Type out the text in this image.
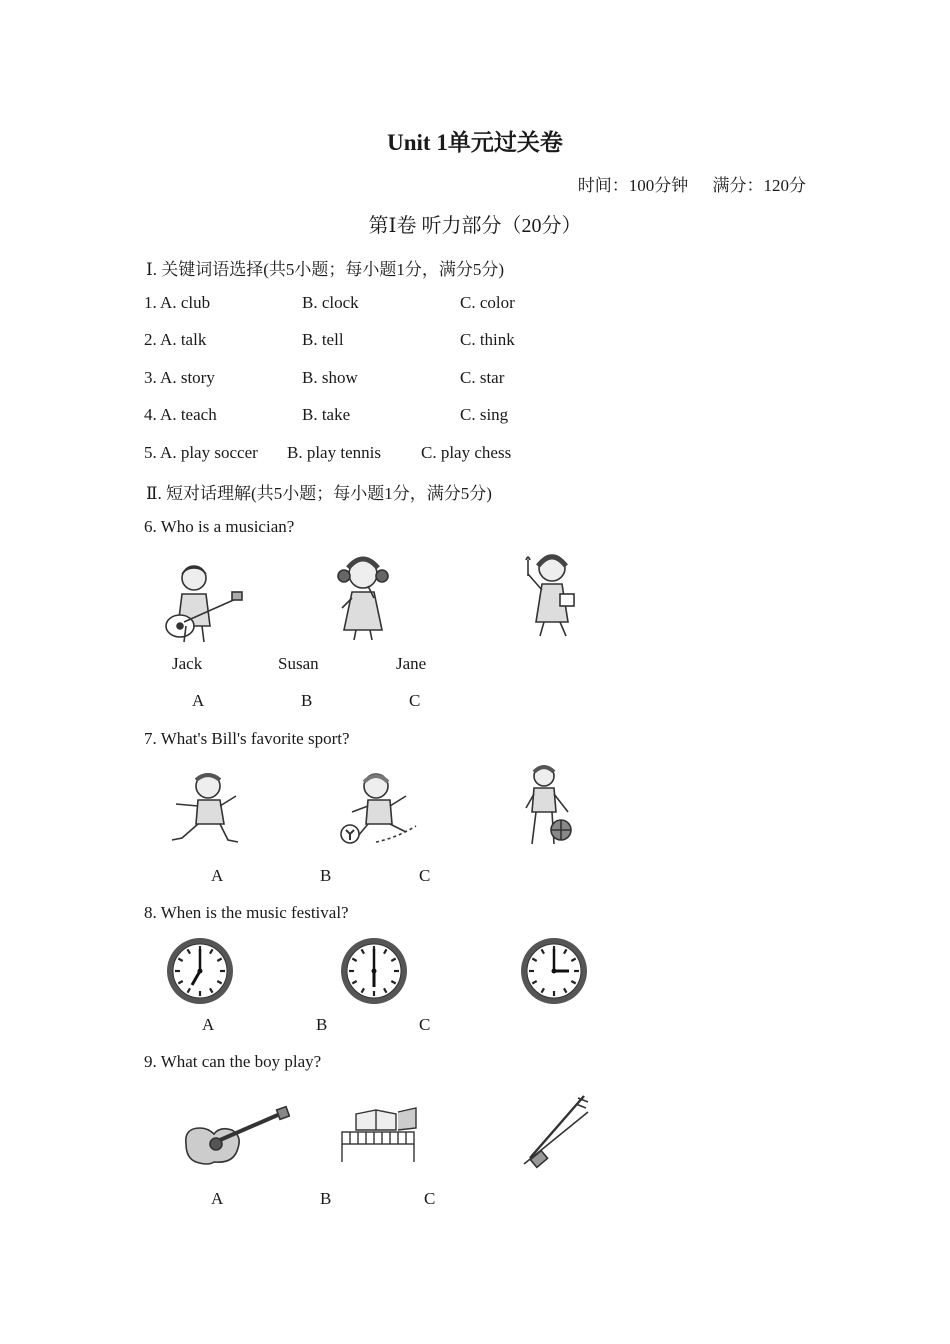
Unit 1单元过关卷
时间：100分钟 满分：120分
第Ⅰ卷 听力部分（20分）
Ⅰ. 关键词语选择(共5小题；每小题1分，满分5分)
1. A. club	B. clock	C. color
2. A. talk	B. tell	C. think
3. A. story	B. show	C. star
4. A. teach	B. take	C. sing
5. A. play soccer B. play tennis C. play chess
Ⅱ. 短对话理解(共5小题；每小题1分，满分5分)
6. Who is a musician?
Jack	Susan	Jane
A	B	C
7. What's Bill's favorite sport?
A	B	C
8. When is the music festival?
A	B	C
9. What can the boy play?
A	B	C
